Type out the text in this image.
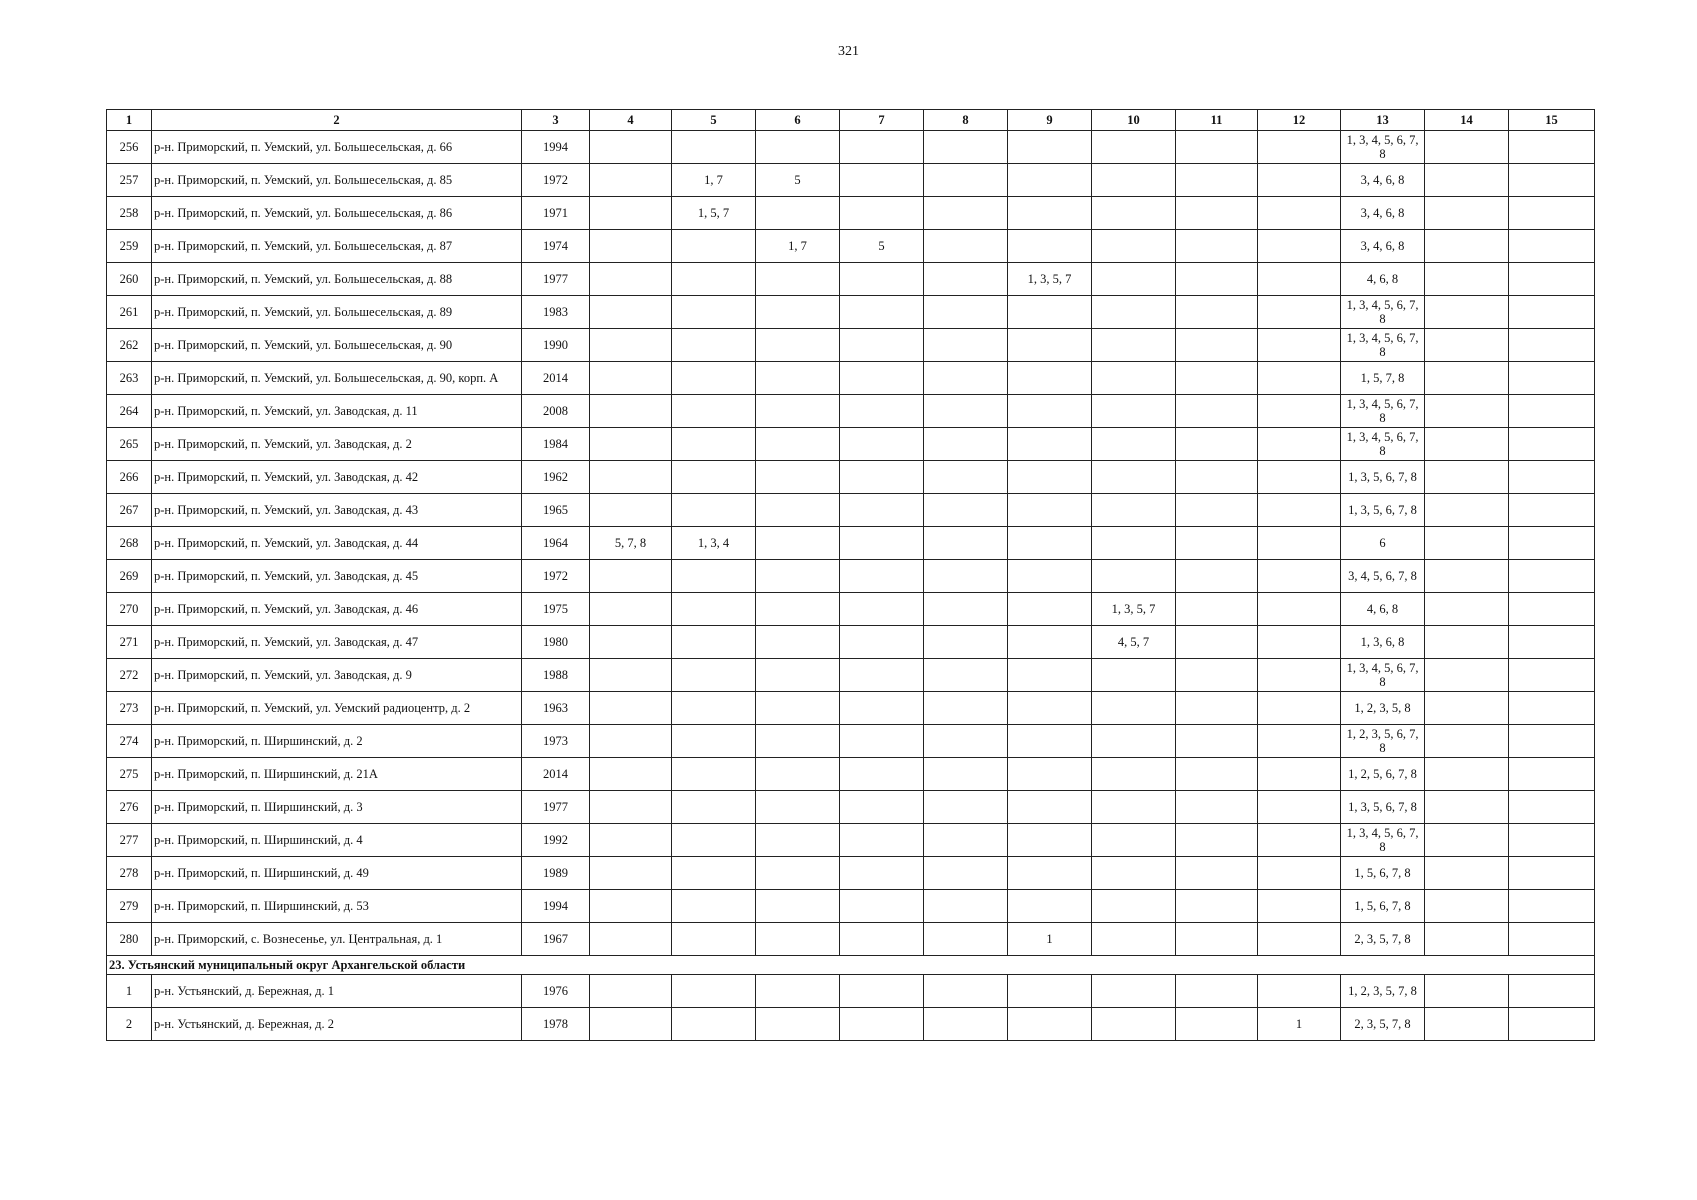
321
1	2	3	4	5	6	7	8	9	10	11	12	13	14	15
256	р-н. Приморский, п. Уемский, ул. Большесельская, д. 66	1994										1, 3, 4, 5, 6, 7, 8		
257	р-н. Приморский, п. Уемский, ул. Большесельская, д. 85	1972		1, 7	5							3, 4, 6, 8		
258	р-н. Приморский, п. Уемский, ул. Большесельская, д. 86	1971		1, 5, 7								3, 4, 6, 8		
259	р-н. Приморский, п. Уемский, ул. Большесельская, д. 87	1974			1, 7	5						3, 4, 6, 8		
260	р-н. Приморский, п. Уемский, ул. Большесельская, д. 88	1977						1, 3, 5, 7				4, 6, 8		
261	р-н. Приморский, п. Уемский, ул. Большесельская, д. 89	1983										1, 3, 4, 5, 6, 7, 8		
262	р-н. Приморский, п. Уемский, ул. Большесельская, д. 90	1990										1, 3, 4, 5, 6, 7, 8		
263	р-н. Приморский, п. Уемский, ул. Большесельская, д. 90, корп. А	2014										1, 5, 7, 8		
264	р-н. Приморский, п. Уемский, ул. Заводская, д. 11	2008										1, 3, 4, 5, 6, 7, 8		
265	р-н. Приморский, п. Уемский, ул. Заводская, д. 2	1984										1, 3, 4, 5, 6, 7, 8		
266	р-н. Приморский, п. Уемский, ул. Заводская, д. 42	1962										1, 3, 5, 6, 7, 8		
267	р-н. Приморский, п. Уемский, ул. Заводская, д. 43	1965										1, 3, 5, 6, 7, 8		
268	р-н. Приморский, п. Уемский, ул. Заводская, д. 44	1964	5, 7, 8	1, 3, 4								6		
269	р-н. Приморский, п. Уемский, ул. Заводская, д. 45	1972										3, 4, 5, 6, 7, 8		
270	р-н. Приморский, п. Уемский, ул. Заводская, д. 46	1975							1, 3, 5, 7			4, 6, 8		
271	р-н. Приморский, п. Уемский, ул. Заводская, д. 47	1980							4, 5, 7			1, 3, 6, 8		
272	р-н. Приморский, п. Уемский, ул. Заводская, д. 9	1988										1, 3, 4, 5, 6, 7, 8		
273	р-н. Приморский, п. Уемский, ул. Уемский радиоцентр, д. 2	1963										1, 2, 3, 5, 8		
274	р-н. Приморский, п. Ширшинский, д. 2	1973										1, 2, 3, 5, 6, 7, 8		
275	р-н. Приморский, п. Ширшинский, д. 21А	2014										1, 2, 5, 6, 7, 8		
276	р-н. Приморский, п. Ширшинский, д. 3	1977										1, 3, 5, 6, 7, 8		
277	р-н. Приморский, п. Ширшинский, д. 4	1992										1, 3, 4, 5, 6, 7, 8		
278	р-н. Приморский, п. Ширшинский, д. 49	1989										1, 5, 6, 7, 8		
279	р-н. Приморский, п. Ширшинский, д. 53	1994										1, 5, 6, 7, 8		
280	р-н. Приморский, с. Вознесенье, ул. Центральная, д. 1	1967						1				2, 3, 5, 7, 8		
23. Устьянский муниципальный округ Архангельской области														
1	р-н. Устьянский, д. Бережная, д. 1	1976										1, 2, 3, 5, 7, 8		
2	р-н. Устьянский, д. Бережная, д. 2	1978									1	2, 3, 5, 7, 8		
